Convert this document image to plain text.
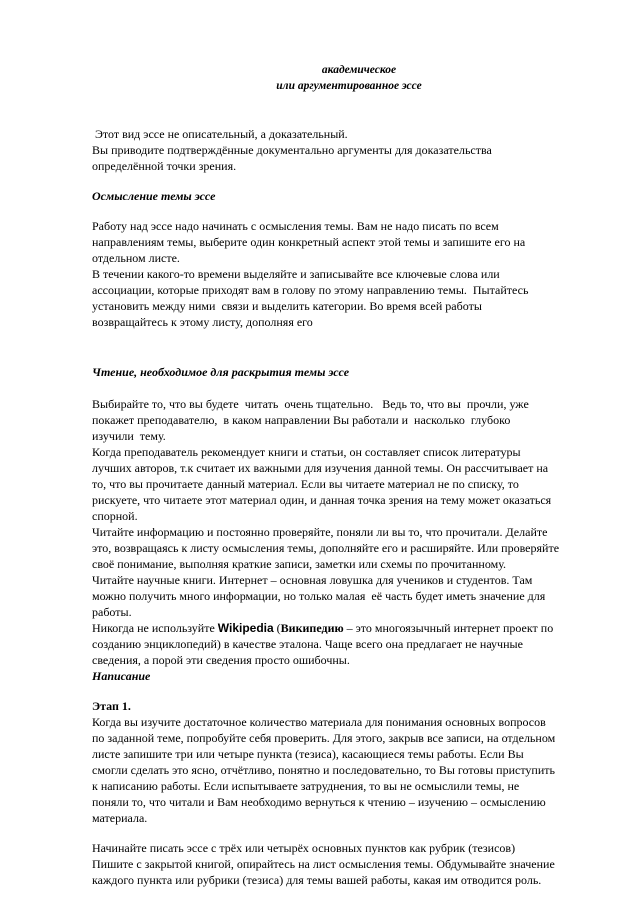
академическое
или аргументированное эссе

Этот вид эссе не описательный, а доказательный.
Вы приводите подтверждённые документально аргументы для доказательства
определённой точки зрения.

Осмысление темы эссе

Работу над эссе надо начинать с осмысления темы. Вам не надо писать по всем
направлениям темы, выберите один конкретный аспект этой темы и запишите его на
отдельном листе.
В течении какого-то времени выделяйте и записывайте все ключевые слова или
ассоциации, которые приходят вам в голову по этому направлению темы.  Пытайтесь
установить между ними  связи и выделить категории. Во время всей работы
возвращайтесь к этому листу, дополняя его

Чтение, необходимое для раскрытия темы эссе

Выбирайте то, что вы будете  читать  очень тщательно.   Ведь то, что вы  прочли, уже
покажет преподавателю,  в каком направлении Вы работали и  насколько  глубоко
изучили  тему.
Когда преподаватель рекомендует книги и статьи, он составляет список литературы
лучших авторов, т.к считает их важными для изучения данной темы. Он рассчитывает на
то, что вы прочитаете данный материал. Если вы читаете материал не по списку, то
рискуете, что читаете этот материал один, и данная точка зрения на тему может оказаться
спорной.
Читайте информацию и постоянно проверяйте, поняли ли вы то, что прочитали. Делайте
это, возвращаясь к листу осмысления темы, дополняйте его и расширяйте. Или проверяйте
своё понимание, выполняя краткие записи, заметки или схемы по прочитанному.
Читайте научные книги. Интернет – основная ловушка для учеников и студентов. Там
можно получить много информации, но только малая  её часть будет иметь значение для
работы.

Никогда не используйте Wikipedia (Википедию – это многоязычный интернет проект по
созданию энциклопедий) в качестве эталона. Чаще всего она предлагает не научные
сведения, а порой эти сведения просто ошибочны.

Написание

Этап 1.

Когда вы изучите достаточное количество материала для понимания основных вопросов
по заданной теме, попробуйте себя проверить. Для этого, закрыв все записи, на отдельном
листе запишите три или четыре пункта (тезиса), касающиеся темы работы. Если Вы
смогли сделать это ясно, отчётливо, понятно и последовательно, то Вы готовы приступить
к написанию работы. Если испытываете затруднения, то вы не осмыслили темы, не
поняли то, что читали и Вам необходимо вернуться к чтению – изучению – осмыслению
материала.

Начинайте писать эссе с трёх или четырёх основных пунктов как рубрик (тезисов)
Пишите с закрытой книгой, опирайтесь на лист осмысления темы. Обдумывайте значение
каждого пункта или рубрики (тезиса) для темы вашей работы, какая им отводится роль.
